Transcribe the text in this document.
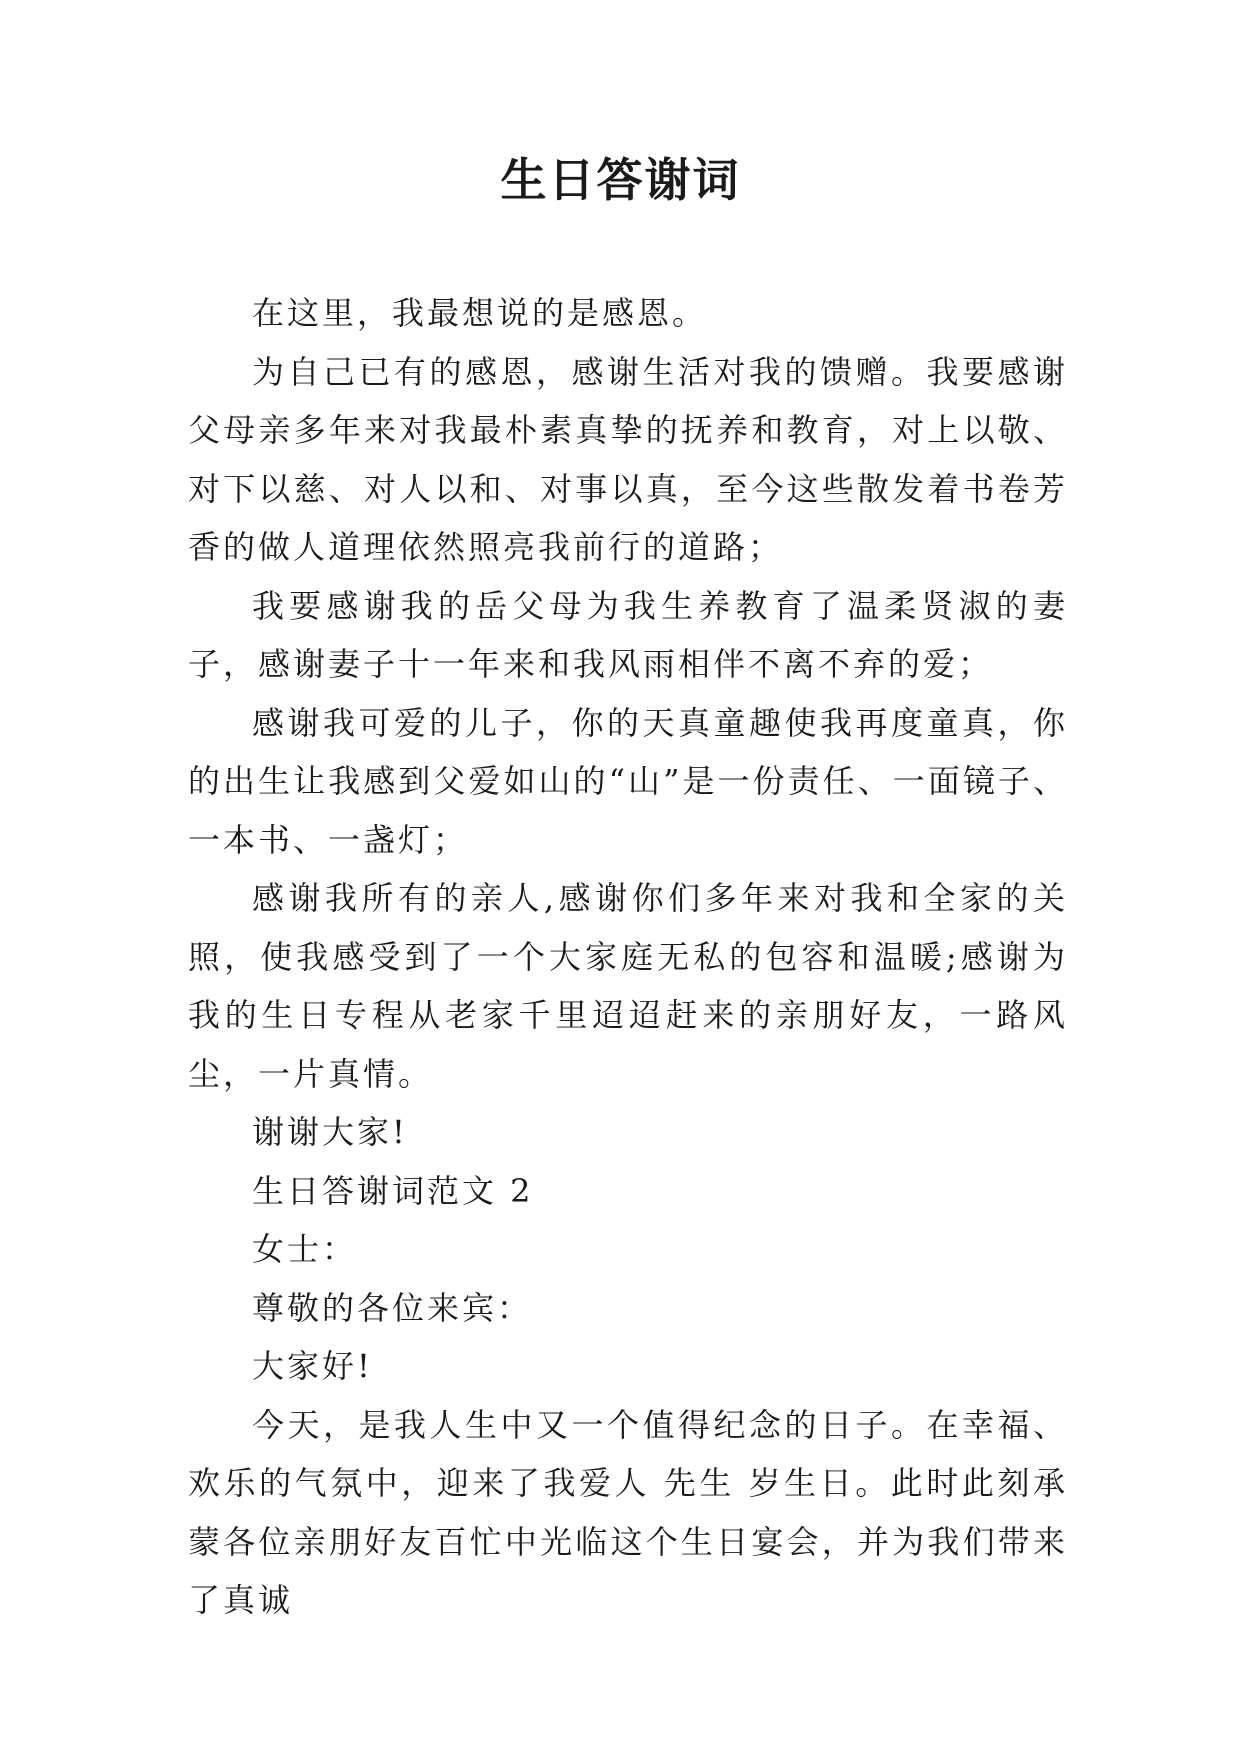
生日答谢词

在这里，我最想说的是感恩。

为自己已有的感恩，感谢生活对我的馈赠。我要感谢父母亲多年来对我最朴素真挚的抚养和教育，对上以敬、对下以慈、对人以和、对事以真，至今这些散发着书卷芳香的做人道理依然照亮我前行的道路；

我要感谢我的岳父母为我生养教育了温柔贤淑的妻子，感谢妻子十一年来和我风雨相伴不离不弃的爱；

感谢我可爱的儿子，你的天真童趣使我再度童真，你的出生让我感到父爱如山的“山”是一份责任、一面镜子、一本书、一盏灯；

感谢我所有的亲人,感谢你们多年来对我和全家的关照，使我感受到了一个大家庭无私的包容和温暖;感谢为我的生日专程从老家千里迢迢赶来的亲朋好友，一路风尘，一片真情。

谢谢大家!

生日答谢词范文 2

女士：

尊敬的各位来宾：

大家好!

今天，是我人生中又一个值得纪念的日子。在幸福、欢乐的气氛中，迎来了我爱人 先生 岁生日。此时此刻承蒙各位亲朋好友百忙中光临这个生日宴会，并为我们带来了真诚
